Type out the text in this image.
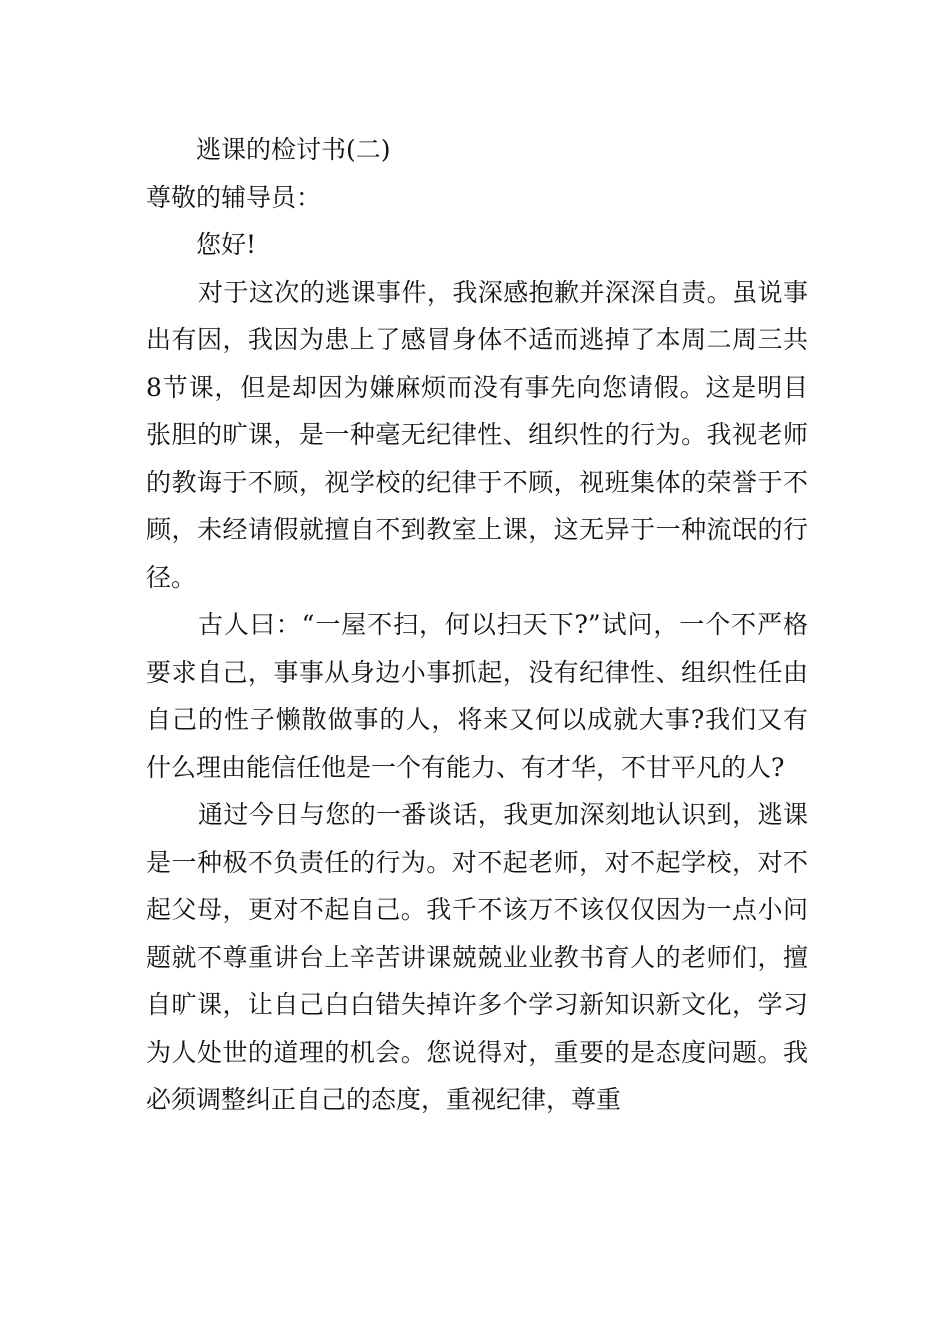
逃课的检讨书(二)
尊敬的辅导员：
您好!

对于这次的逃课事件，我深感抱歉并深深自责。虽说事出有因，我因为患上了感冒身体不适而逃掉了本周二周三共8节课，但是却因为嫌麻烦而没有事先向您请假。这是明目张胆的旷课，是一种毫无纪律性、组织性的行为。我视老师的教诲于不顾，视学校的纪律于不顾，视班集体的荣誉于不顾，未经请假就擅自不到教室上课，这无异于一种流氓的行径。

古人曰：“一屋不扫，何以扫天下?”试问，一个不严格要求自己，事事从身边小事抓起，没有纪律性、组织性任由自己的性子懒散做事的人，将来又何以成就大事?我们又有什么理由能信任他是一个有能力、有才华，不甘平凡的人?

通过今日与您的一番谈话，我更加深刻地认识到，逃课是一种极不负责任的行为。对不起老师，对不起学校，对不起父母，更对不起自己。我千不该万不该仅仅因为一点小问题就不尊重讲台上辛苦讲课兢兢业业教书育人的老师们，擅自旷课，让自己白白错失掉许多个学习新知识新文化，学习为人处世的道理的机会。您说得对，重要的是态度问题。我必须调整纠正自己的态度，重视纪律，尊重
